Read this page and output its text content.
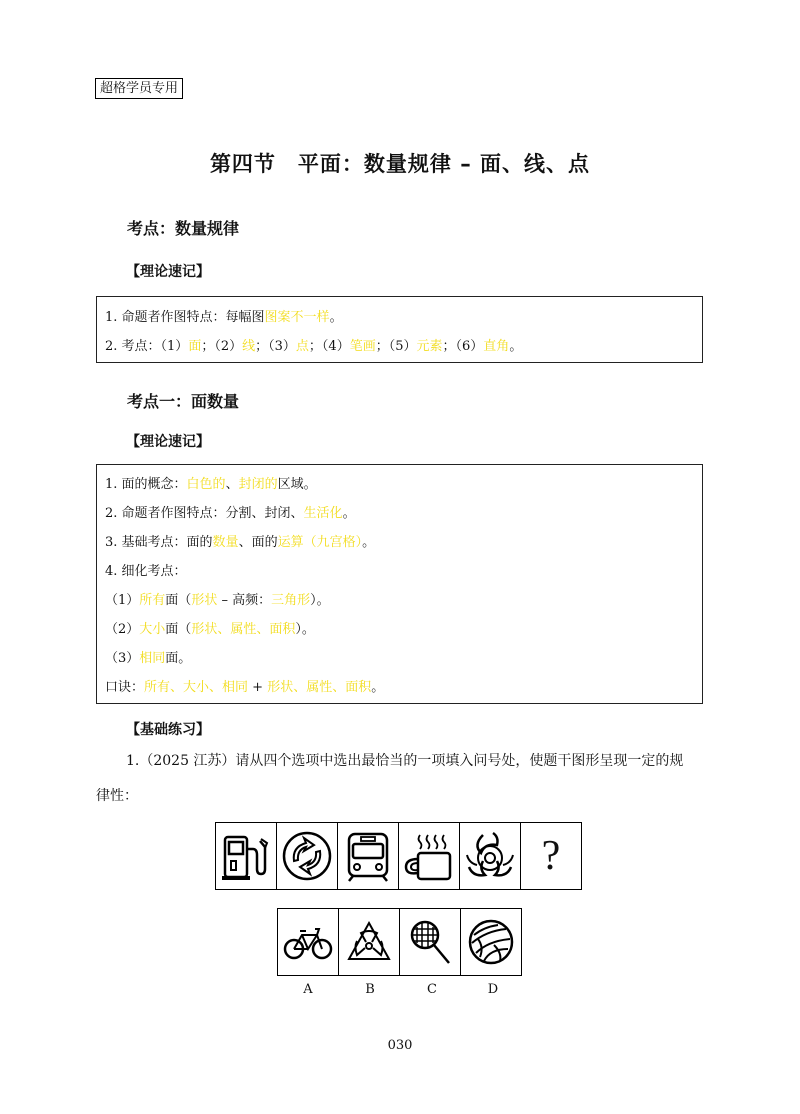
超格学员专用
第四节　平面：数量规律 – 面、线、点
考点：数量规律
【理论速记】
1. 命题者作图特点：每幅图图案不一样。
2. 考点：（1）面；（2）线；（3）点；（4）笔画；（5）元素；（6）直角。
考点一：面数量
【理论速记】
1. 面的概念：白色的、封闭的区域。
2. 命题者作图特点：分割、封闭、生活化。
3. 基础考点：面的数量、面的运算（九宫格）。
4. 细化考点：
（1）所有面（形状 – 高频：三角形）。
（2）大小面（形状、属性、面积）。
（3）相同面。
口诀：所有、大小、相同 + 形状、属性、面积。
【基础练习】
1.（2025 江苏）请从四个选项中选出最恰当的一项填入问号处，使题干图形呈现一定的规
律性：
?
A	B	C	D
030
